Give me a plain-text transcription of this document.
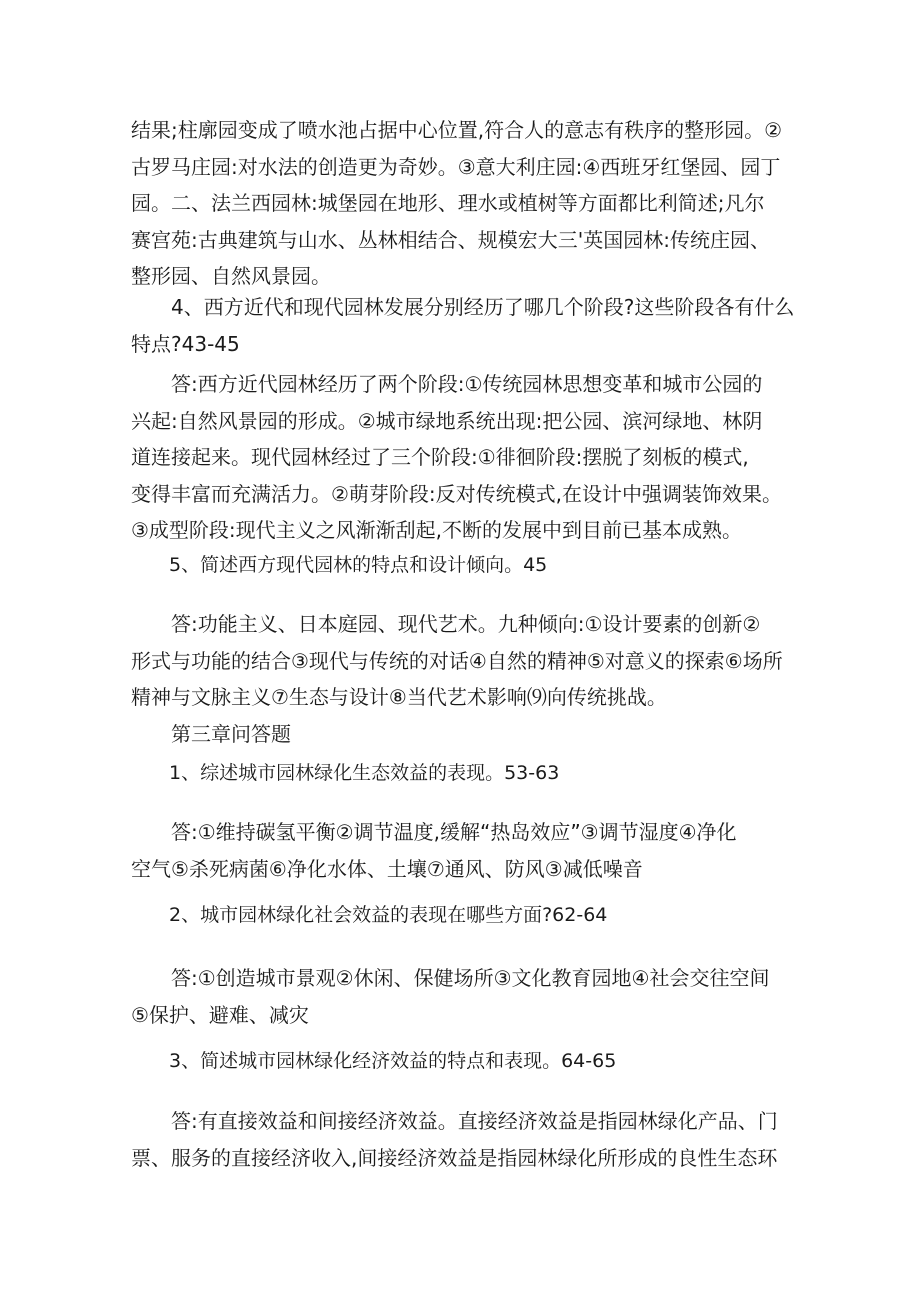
结果;柱廓园变成了喷水池占据中心位置,符合人的意志有秩序的整形园。②

古罗马庄园:对水法的创造更为奇妙。③意大利庄园:④西班牙红堡园、园丁

园。二、法兰西园林:城堡园在地形、理水或植树等方面都比利简述;凡尔

赛宫苑:古典建筑与山水、丛林相结合、规模宏大三'英国园林:传统庄园、

整形园、自然风景园。

　　4、西方近代和现代园林发展分别经历了哪几个阶段?这些阶段各有什么

特点?43-45

　　答:西方近代园林经历了两个阶段:①传统园林思想变革和城市公园的

兴起:自然风景园的形成。②城市绿地系统出现:把公园、滨河绿地、林阴

道连接起来。现代园林经过了三个阶段:①徘徊阶段:摆脱了刻板的模式,

变得丰富而充满活力。②萌芽阶段:反对传统模式,在设计中强调装饰效果。

③成型阶段:现代主义之风渐渐刮起,不断的发展中到目前已基本成熟。

　　5、简述西方现代园林的特点和设计倾向。45

　　答:功能主义、日本庭园、现代艺术。九种倾向:①设计要素的创新②

形式与功能的结合③现代与传统的对话④自然的精神⑤对意义的探索⑥场所

精神与文脉主义⑦生态与设计⑧当代艺术影响⑼向传统挑战。

　　第三章问答题

　　1、综述城市园林绿化生态效益的表现。53-63

　　答:①维持碳氢平衡②调节温度,缓解“热岛效应”③调节湿度④净化

空气⑤杀死病菌⑥净化水体、土壤⑦通风、防风③减低噪音

　　2、城市园林绿化社会效益的表现在哪些方面?62-64

　　答:①创造城市景观②休闲、保健场所③文化教育园地④社会交往空间

⑤保护、避难、减灾

　　3、简述城市园林绿化经济效益的特点和表现。64-65

　　答:有直接效益和间接经济效益。直接经济效益是指园林绿化产品、门

票、服务的直接经济收入,间接经济效益是指园林绿化所形成的良性生态环
